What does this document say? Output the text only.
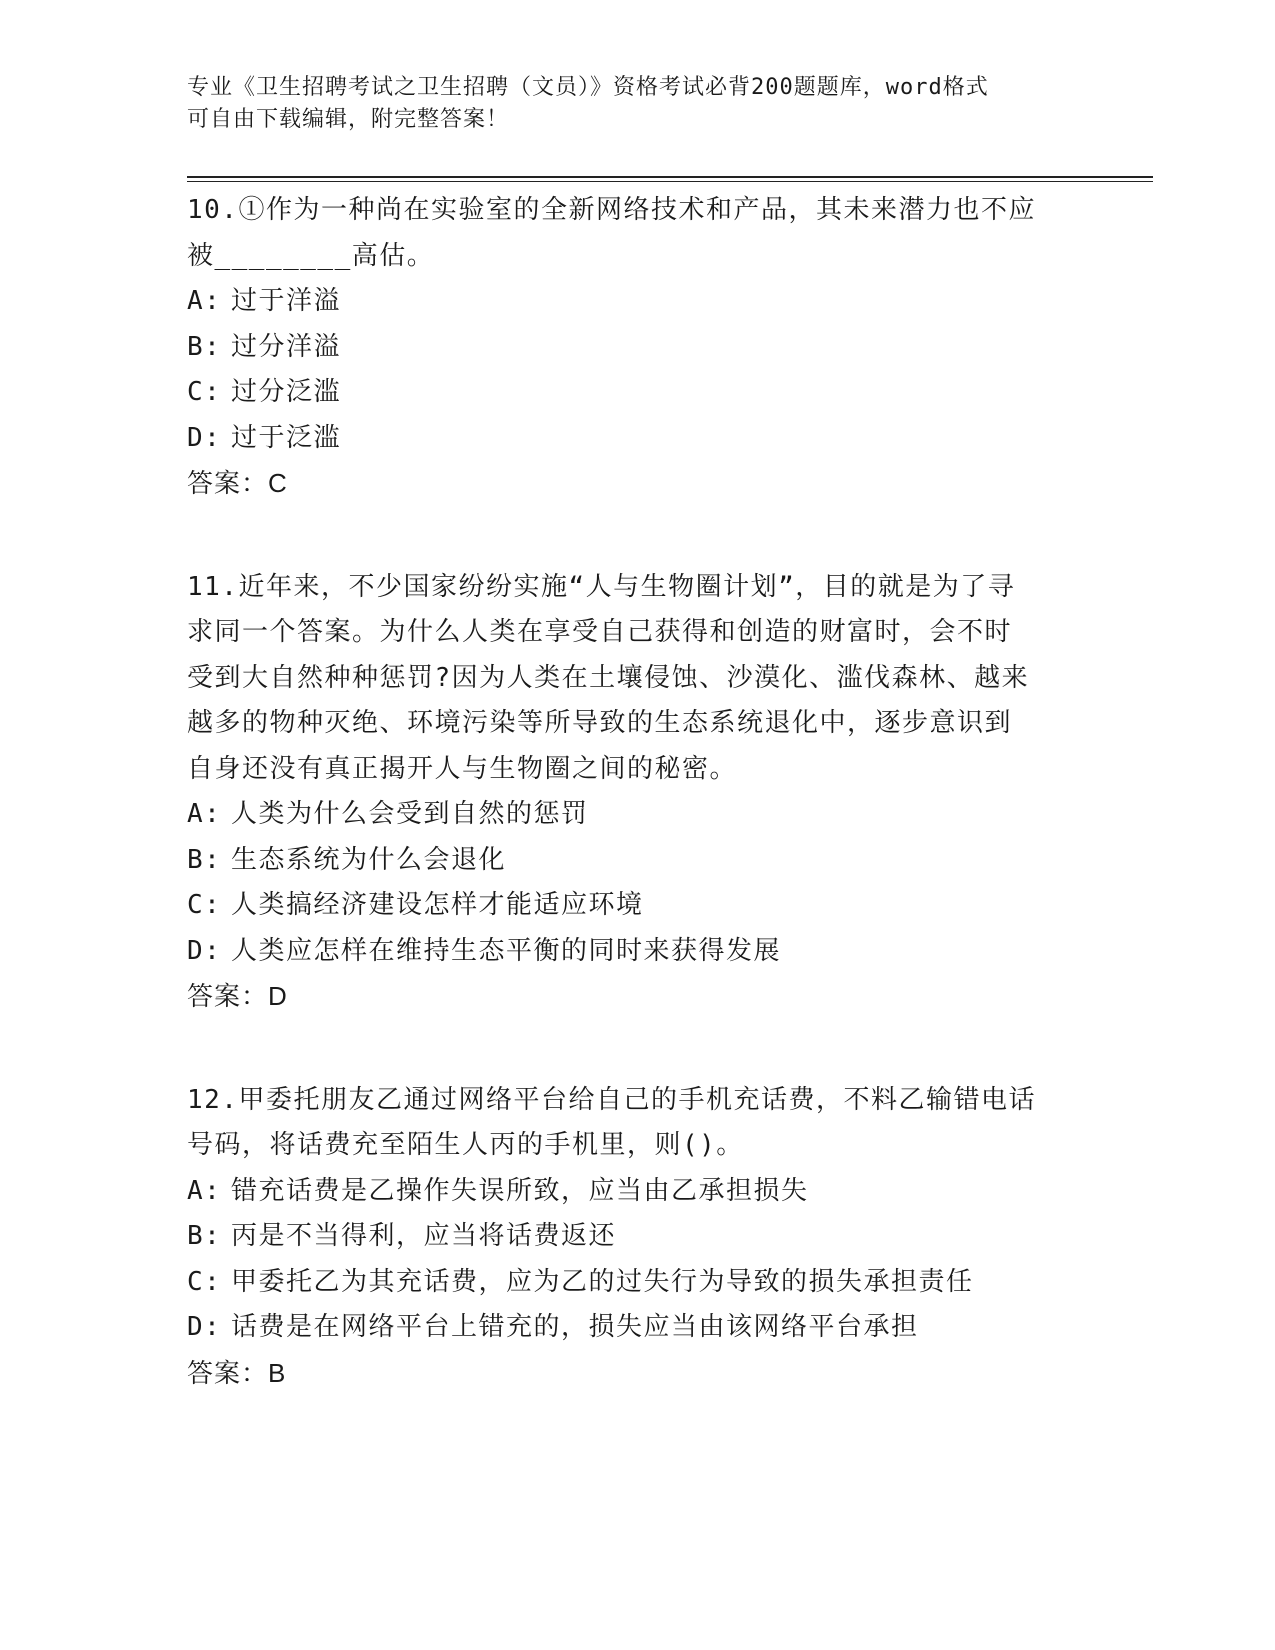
专业《卫生招聘考试之卫生招聘（文员）》资格考试必背200题题库，word格式
可自由下载编辑，附完整答案！
10.①作为一种尚在实验室的全新网络技术和产品，其未来潜力也不应
被________高估。
A: 过于洋溢
B: 过分洋溢
C: 过分泛滥
D: 过于泛滥
答案：C
11.近年来，不少国家纷纷实施“人与生物圈计划”，目的就是为了寻
求同一个答案。为什么人类在享受自己获得和创造的财富时，会不时
受到大自然种种惩罚?因为人类在土壤侵蚀、沙漠化、滥伐森林、越来
越多的物种灭绝、环境污染等所导致的生态系统退化中，逐步意识到
自身还没有真正揭开人与生物圈之间的秘密。
A: 人类为什么会受到自然的惩罚
B: 生态系统为什么会退化
C: 人类搞经济建设怎样才能适应环境
D: 人类应怎样在维持生态平衡的同时来获得发展
答案：D
12.甲委托朋友乙通过网络平台给自己的手机充话费，不料乙输错电话
号码，将话费充至陌生人丙的手机里，则()。
A: 错充话费是乙操作失误所致，应当由乙承担损失
B: 丙是不当得利，应当将话费返还
C: 甲委托乙为其充话费，应为乙的过失行为导致的损失承担责任
D: 话费是在网络平台上错充的，损失应当由该网络平台承担
答案：B
